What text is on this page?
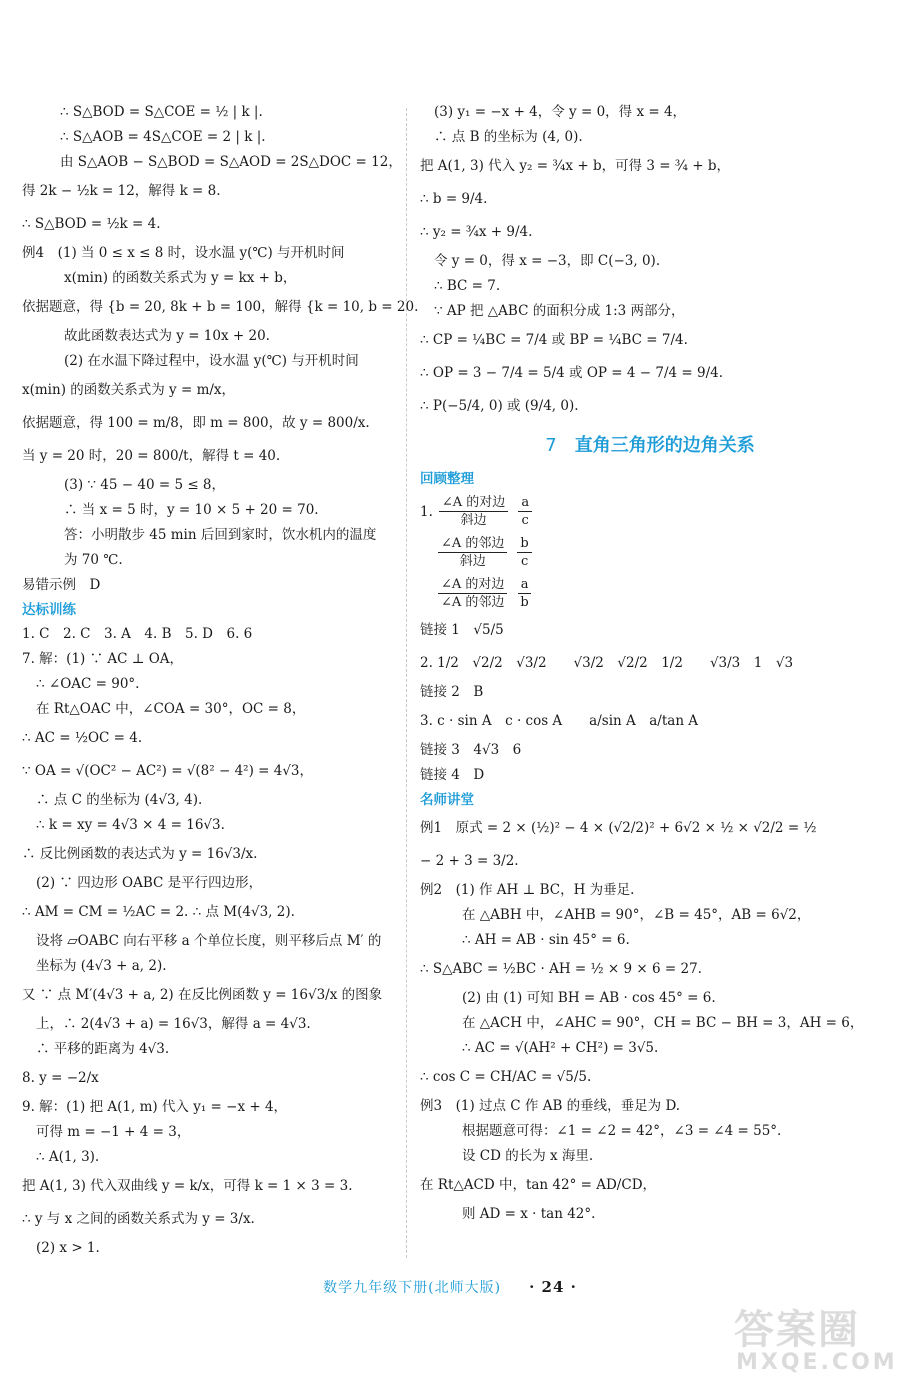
∴ S△BOD = S△COE = ½ | k |.
∴ S△AOB = 4S△COE = 2 | k |.
由 S△AOB − S△BOD = S△AOD = 2S△DOC = 12，
得 2k − ½k = 12，解得 k = 8.
∴ S△BOD = ½k = 4.
例4　(1) 当 0 ≤ x ≤ 8 时，设水温 y(℃) 与开机时间
x(min) 的函数关系式为 y = kx + b，
依据题意，得 {b = 20, 8k + b = 100，解得 {k = 10, b = 20.
故此函数表达式为 y = 10x + 20.
(2) 在水温下降过程中，设水温 y(℃) 与开机时间
x(min) 的函数关系式为 y = m/x，
依据题意，得 100 = m/8，即 m = 800，故 y = 800/x.
当 y = 20 时，20 = 800/t，解得 t = 40.
(3) ∵ 45 − 40 = 5 ≤ 8，
∴ 当 x = 5 时，y = 10 × 5 + 20 = 70.
答：小明散步 45 min 后回到家时，饮水机内的温度
为 70 ℃.
易错示例　D
达标训练
1. C　2. C　3. A　4. B　5. D　6. 6
7. 解：(1) ∵ AC ⊥ OA，
∴ ∠OAC = 90°.
在 Rt△OAC 中，∠COA = 30°，OC = 8，
∴ AC = ½OC = 4.
∵ OA = √(OC² − AC²) = √(8² − 4²) = 4√3，
∴ 点 C 的坐标为 (4√3, 4).
∴ k = xy = 4√3 × 4 = 16√3.
∴ 反比例函数的表达式为 y = 16√3/x.
(2) ∵ 四边形 OABC 是平行四边形，
∴ AM = CM = ½AC = 2. ∴ 点 M(4√3, 2).
设将 ▱OABC 向右平移 a 个单位长度，则平移后点 M′ 的
坐标为 (4√3 + a, 2).
又 ∵ 点 M′(4√3 + a, 2) 在反比例函数 y = 16√3/x 的图象
上，∴ 2(4√3 + a) = 16√3，解得 a = 4√3.
∴ 平移的距离为 4√3.
8. y = −2/x
9. 解：(1) 把 A(1, m) 代入 y₁ = −x + 4，
可得 m = −1 + 4 = 3，
∴ A(1, 3).
把 A(1, 3) 代入双曲线 y = k/x，可得 k = 1 × 3 = 3.
∴ y 与 x 之间的函数关系式为 y = 3/x.
(2) x > 1.
(3) y₁ = −x + 4，令 y = 0，得 x = 4，
∴ 点 B 的坐标为 (4, 0).
把 A(1, 3) 代入 y₂ = ¾x + b，可得 3 = ¾ + b，
∴ b = 9/4.
∴ y₂ = ¾x + 9/4.
令 y = 0，得 x = −3，即 C(−3, 0).
∴ BC = 7.
∵ AP 把 △ABC 的面积分成 1:3 两部分，
∴ CP = ¼BC = 7/4 或 BP = ¼BC = 7/4.
∴ OP = 3 − 7/4 = 5/4 或 OP = 4 − 7/4 = 9/4.
∴ P(−5/4, 0) 或 (9/4, 0).
7 直角三角形的边角关系
回顾整理
1.
∠A 的对边
斜边
a
c
∠A 的邻边
斜边
b
c
∠A 的对边
∠A 的邻边
a
b
链接 1　√5/5
2. 1/2　√2/2　√3/2　　√3/2　√2/2　1/2　　√3/3　1　√3
链接 2　B
3. c · sin A　c · cos A　　a/sin A　a/tan A
链接 3　4√3　6
链接 4　D
名师讲堂
例1　原式 = 2 × (½)² − 4 × (√2/2)² + 6√2 × ½ × √2/2 = ½
− 2 + 3 = 3/2.
例2　(1) 作 AH ⊥ BC，H 为垂足.
在 △ABH 中，∠AHB = 90°，∠B = 45°，AB = 6√2，
∴ AH = AB · sin 45° = 6.
∴ S△ABC = ½BC · AH = ½ × 9 × 6 = 27.
(2) 由 (1) 可知 BH = AB · cos 45° = 6.
在 △ACH 中，∠AHC = 90°，CH = BC − BH = 3，AH = 6，
∴ AC = √(AH² + CH²) = 3√5.
∴ cos C = CH/AC = √5/5.
例3　(1) 过点 C 作 AB 的垂线，垂足为 D.
根据题意可得：∠1 = ∠2 = 42°，∠3 = ∠4 = 55°.
设 CD 的长为 x 海里.
在 Rt△ACD 中，tan 42° = AD/CD，
则 AD = x · tan 42°.
数学九年级下册(北师大版) · 24 ·
答案圈
MXQE.COM
